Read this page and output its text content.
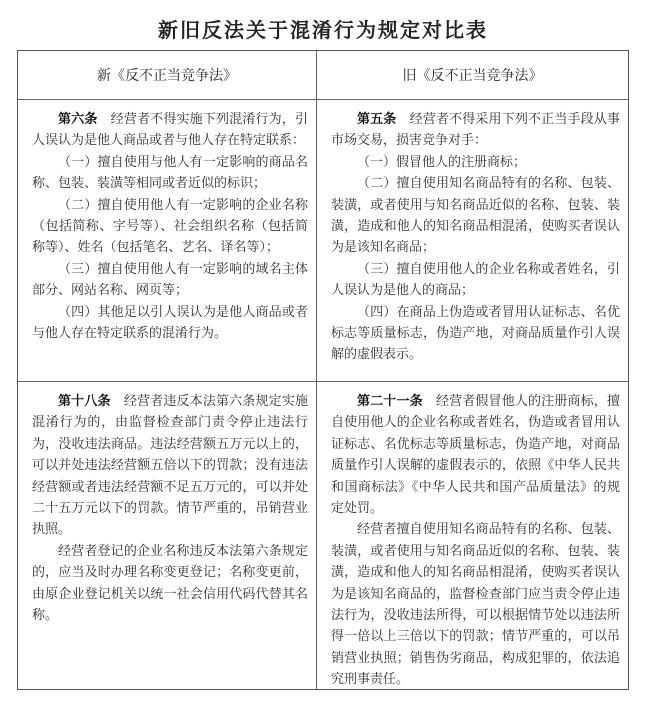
新旧反法关于混淆行为规定对比表
新《反不正当竞争法》	旧《反不正当竞争法》

第六条　 经营者不得实施下列混淆行为，引人误认为是他人商品或者与他人存在特定联系：

（一）擅自使用与他人有一定影响的商品名称、包装、装潢等相同或者近似的标识；

（二）擅自使用他人有一定影响的企业名称（包括简称、字号等）、社会组织名称（包括简称等）、姓名（包括笔名、艺名、译名等）；

（三）擅自使用他人有一定影响的域名主体部分、网站名称、网页等；

（四）其他足以引人误认为是他人商品或者与他人存在特定联系的混淆行为。

第五条　 经营者不得采用下列不正当手段从事市场交易，损害竞争对手：

（一）假冒他人的注册商标；

（二）擅自使用知名商品特有的名称、包装、装潢，或者使用与知名商品近似的名称、包装、装潢，造成和他人的知名商品相混淆，使购买者误认为是该知名商品；

（三）擅自使用他人的企业名称或者姓名，引人误认为是他人的商品；

（四）在商品上伪造或者冒用认证标志、名优标志等质量标志，伪造产地，对商品质量作引人误解的虚假表示。

第十八条　 经营者违反本法第六条规定实施混淆行为的，由监督检查部门责令停止违法行为，没收违法商品。违法经营额五万元以上的，可以并处违法经营额五倍以下的罚款；没有违法经营额或者违法经营额不足五万元的，可以并处二十五万元以下的罚款。情节严重的，吊销营业执照。

经营者登记的企业名称违反本法第六条规定的，应当及时办理名称变更登记；名称变更前，由原企业登记机关以统一社会信用代码代替其名称。

第二十一条　 经营者假冒他人的注册商标，擅自使用他人的企业名称或者姓名，伪造或者冒用认证标志、名优标志等质量标志，伪造产地，对商品质量作引人误解的虚假表示的，依照《中华人民共和国商标法》《中华人民共和国产品质量法》的规定处罚。

经营者擅自使用知名商品特有的名称、包装、装潢，或者使用与知名商品近似的名称、包装、装潢，造成和他人的知名商品相混淆，使购买者误认为是该知名商品的，监督检查部门应当责令停止违法行为，没收违法所得，可以根据情节处以违法所得一倍以上三倍以下的罚款；情节严重的，可以吊销营业执照；销售伪劣商品，构成犯罪的，依法追究刑事责任。
